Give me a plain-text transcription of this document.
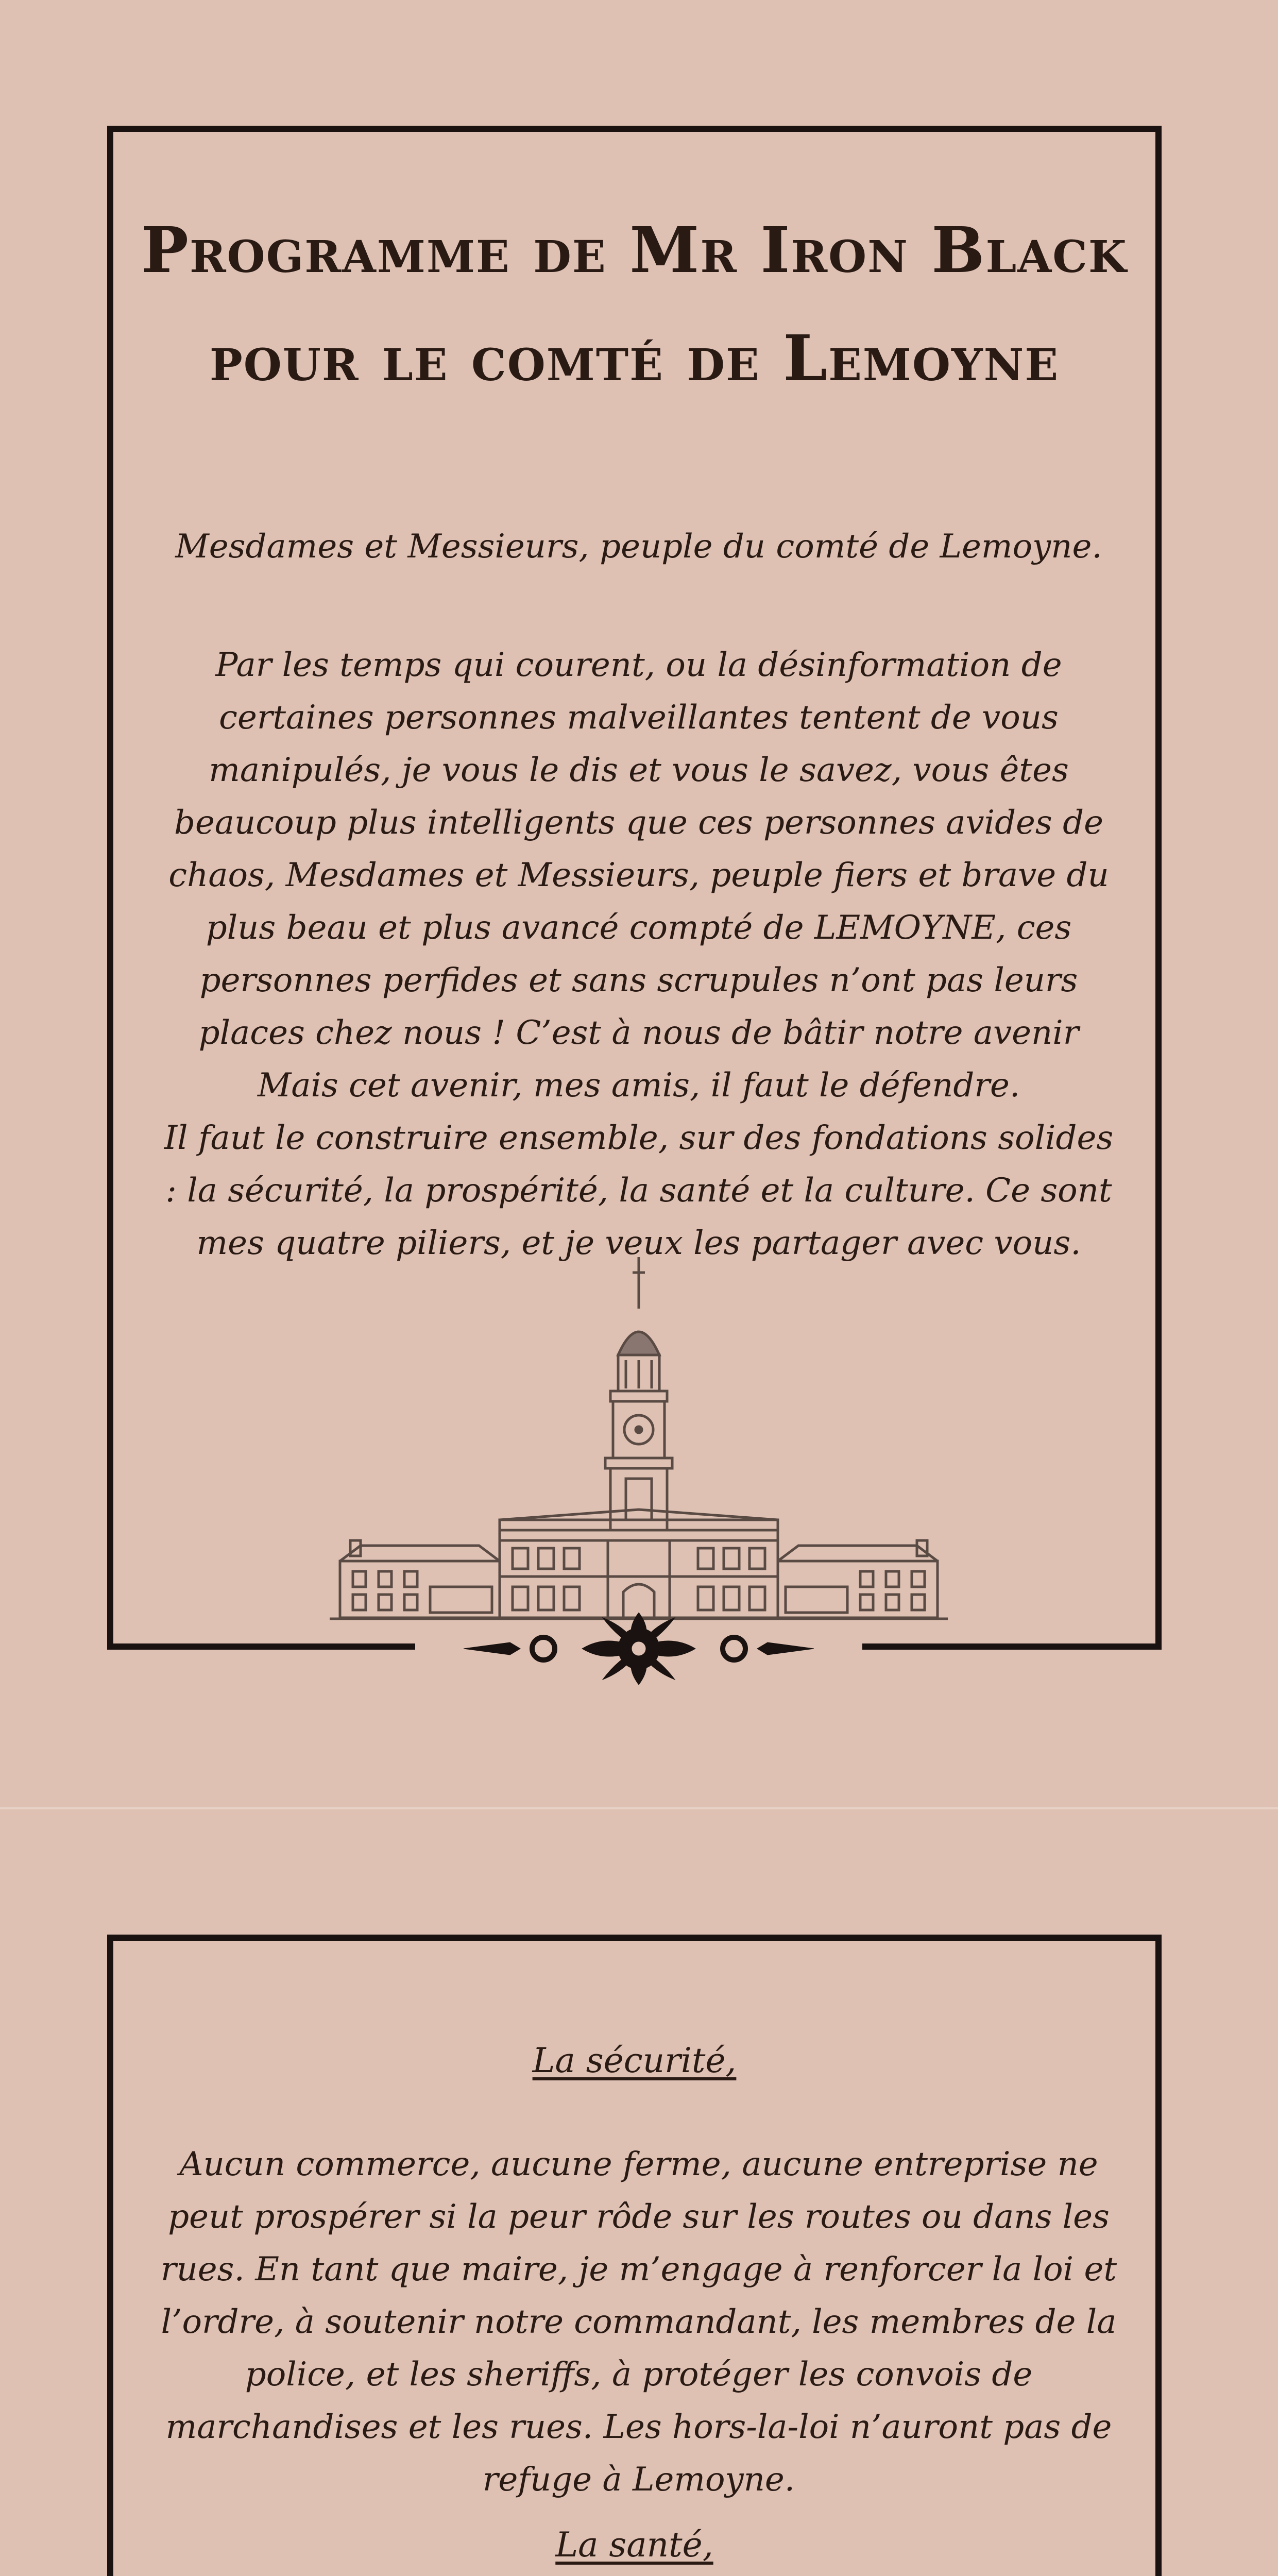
Programme de Mr Iron Black
pour le comté de Lemoyne
Mesdames et Messieurs, peuple du comté de Lemoyne.
Par les temps qui courent, ou la désinformation de certaines personnes malveillantes tentent de vous manipulés, je vous le dis et vous le savez, vous êtes beaucoup plus intelligents que ces personnes avides de chaos, Mesdames et Messieurs, peuple fiers et brave du plus beau et plus avancé compté de LEMOYNE, ces personnes perfides et sans scrupules n’ont pas leurs places chez nous ! C’est à nous de bâtir notre avenir Mais cet avenir, mes amis, il faut le défendre.
Il faut le construire ensemble, sur des fondations solides : la sécurité, la prospérité, la santé et la culture. Ce sont mes quatre piliers, et je veux les partager avec vous.
La sécurité,
Aucun commerce, aucune ferme, aucune entreprise ne peut prospérer si la peur rôde sur les routes ou dans les rues. En tant que maire, je m’engage à renforcer la loi et l’ordre, à soutenir notre commandant, les membres de la police, et les sheriffs, à protéger les convois de marchandises et les rues. Les hors-la-loi n’auront pas de refuge à Lemoyne.
La santé,
